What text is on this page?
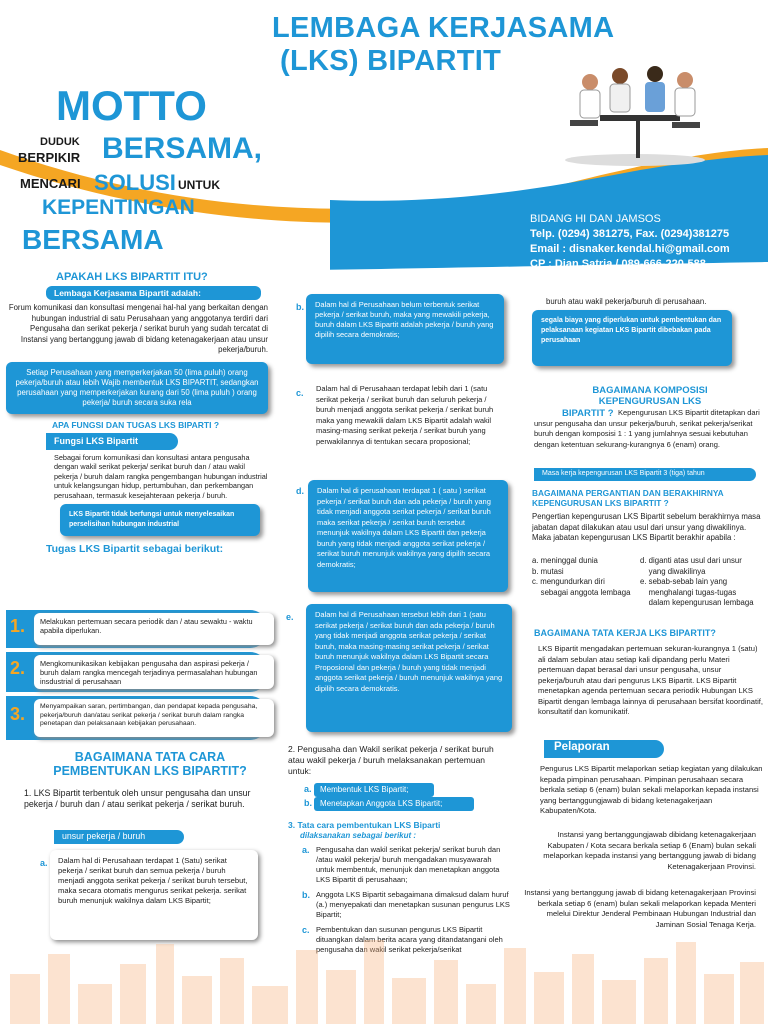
LEMBAGA KERJASAMA
(LKS) BIPARTIT
MOTTO
DUDUK
BERPIKIR BERSAMA,
MENCARI SOLUSI UNTUK
KEPENTINGAN
BERSAMA
BIDANG HI DAN JAMSOS
Telp. (0294) 381275, Fax. (0294)381275
Email : disnaker.kendal.hi@gmail.com
CP : Dian Satria / 089-666-220-588
APAKAH LKS BIPARTIT ITU?
Lembaga Kerjasama Bipartit adalah:
Forum komunikasi dan konsultasi mengenai hal-hal yang berkaitan dengan hubungan industrial di satu Perusahaan yang anggotanya terdiri dari Pengusaha dan serikat pekerja / serikat buruh yang sudah tercatat di Instansi yang bertanggung jawab di bidang ketenagakerjaan atau unsur pekerja/buruh.
Setiap Perusahaan yang memperkerjakan 50 (lima puluh) orang pekerja/buruh atau lebih Wajib membentuk LKS BIPARTIT, sedangkan perusahaan yang memperkerjakan kurang dari 50 (lima puluh ) orang pekerja/ buruh secara suka rela
APA FUNGSI DAN TUGAS LKS BIPARTI ?
Fungsi LKS Bipartit
Sebagai forum komunikasi dan konsultasi antara pengusaha dengan wakil serikat pekerja/ serikat buruh dan / atau wakil pekerja / buruh dalam rangka pengembangan hubungan industrial untuk kelangsungan hidup, pertumbuhan, dan perkembangan perusahaan, termasuk kesejahteraan pekerja / buruh.
LKS Bipartit tidak berfungsi untuk menyelesaikan perselisihan hubungan industrial
Tugas LKS Bipartit sebagai berikut:
1.	Melakukan pertemuan secara periodik dan / atau sewaktu - waktu apabila diperlukan.
2.	Mengkomunikasikan kebijakan pengusaha dan aspirasi pekerja / buruh dalam rangka mencegah terjadinya permasalahan hubungan insdustrial di perusahaan
3.	Menyampaikan saran, pertimbangan, dan pendapat kepada pengusaha, pekerja/buruh dan/atau serikat pekerja / serikat buruh dalam rangka penetapan dan pelaksanaan kebijakan perusahaan.
BAGAIMANA TATA CARA
PEMBENTUKAN LKS BIPARTIT?
1. LKS Bipartit terbentuk oleh unsur pengusaha dan unsur pekerja / buruh dan / atau serikat pekerja / serikat buruh.
unsur pekerja / buruh
a.	Dalam hal di Perusahaan terdapat 1 (Satu) serikat pekerja / serikat buruh dan semua pekerja / buruh menjadi anggota serikat pekerja / serikat buruh tersebut, maka secara otomatis mengurus serikat pekerja. serikat buruh menunjuk wakilnya dalam LKS Bipartit;
b.	Dalam hal di Perusahaan belum terbentuk serikat pekerja / serikat buruh, maka yang mewakili pekerja, buruh dalam LKS Bipartit adalah pekerja / buruh yang dipilih secara demokratis;
c. Dalam hal di Perusahaan terdapat lebih dari 1 (satu serikat pekerja / serikat buruh dan seluruh pekerja / buruh menjadi anggota serikat pekerja / serikat buruh maka yang mewakili dalam LKS Bipartit adalah wakil masing-masing serikat pekerja / serikat buruh yang perwakilannya di tentukan secara proposional;
d.	Dalam hal di perusahaan terdapat 1 ( satu ) serikat pekerja / serikat buruh dan ada pekerja / buruh yang tidak menjadi anggota serikat pekerja / serikat buruh maka serikat pekerja / serikat buruh tersebut menunjuk wakilnya dalam LKS Bipartit dan pekerja buruh yang tidak menjadi anggota serikat pekerja / serikat buruh menunjuk wakilnya yang dipilih secara demokratis;
e.	Dalam hal di Perusahaan tersebut lebih dari 1 (satu serikat pekerja / serikat buruh dan ada pekerja / buruh yang tidak menjadi anggota serikat pekerja / serikat buruh, maka masing-masing serikat pekerja / serikat buruh menunjuk wakilnya dalam LKS Bipartit secara Proposional dan pekerja / buruh yang tidak menjadi anggota serikat pekerja / buruh menunjuk wakilnya yang dipilih secara demokratis.
2. Pengusaha dan Wakil serikat pekerja / serikat buruh atau wakil pekerja / buruh melaksanakan pertemuan untuk:
a.	Membentuk LKS Bipartit;
b.	Menetapkan Anggota LKS Bipartit;
3. Tata cara pembentukan LKS Biparti
dilaksanakan sebagai berikut :
a. Pengusaha dan wakil serikat pekerja/ serikat buruh dan /atau wakil pekerja/ buruh mengadakan musyawarah untuk membentuk, menunjuk dan menetapkan anggota LKS Bipartit di perusahaan;
b. Anggota LKS Bipartit sebagaimana dimaksud dalam huruf (a.) menyepakati dan menetapkan susunan pengurus LKS Bipartit;
c. Pembentukan dan susunan pengurus LKS Bipartit dituangkan dalam berita acara yang ditandatangani oleh pengusaha dan wakil serikat pekerja/serikat
buruh atau wakil pekerja/buruh di perusahaan.
segala biaya yang diperlukan untuk pembentukan dan pelaksanaan kegiatan LKS Bipartit dibebakan pada perusahaan
BAGAIMANA KOMPOSISI
KEPENGURUSAN LKS
BIPARTIT ? Kepengurusan LKS Bipartit ditetapkan dari unsur pengusaha dan unsur pekerja/buruh, serikat pekerja/serikat buruh dengan komposisi 1 : 1 yang jumlahnya sesuai kebutuhan dengan ketentuan sekurang-kurangnya 6 (enam) orang.
Masa kerja kepengurusan LKS Bipartit 3 (tiga) tahun
BAGAIMANA PERGANTIAN DAN BERAKHIRNYA
KEPENGURUSAN LKS BIPARTIT ?
Pengertian kepengurusan LKS Bipartit sebelum berakhirnya masa jabatan dapat dilakukan atau usul dari unsur yang diwakilinya. Maka jabatan kepengurusan LKS Bipartit berakhir apabila :
a. meninggal dunia
b. mutasi
c. mengundurkan diri
sebagai anggota lembaga
d. diganti atas usul dari unsur
yang diwakilinya
e. sebab-sebab lain yang
menghalangi tugas-tugas
dalam kepengurusan lembaga
BAGAIMANA TATA KERJA LKS BIPARTIT?
LKS Bipartit mengadakan pertemuan sekuran-kurangnya 1 (satu) ali dalam sebulan atau setiap kali dipandang perlu Materi pertemuan dapat berasal dari unsur pengusaha, unsur pekerja/buruh atau dari pengurus LKS Bipartit. LKS Bipartit menetapkan agenda pertemuan secara periodik Hubungan LKS Bipartit dengan lembaga lainnya di perusahaan bersifat koordinatif, konsultatif dan komunikatif.
Pelaporan
Pengurus LKS Bipartit melaporkan setiap kegiatan yang dilakukan kepada pimpinan perusahaan. Pimpinan perusahaan secara berkala setiap 6 (enam) bulan sekali melaporkan kepada instansi yang bertanggungjawab di bidang ketenagakerjaan Kabupaten/Kota.
Instansi yang bertanggungjawab dibidang ketenagakerjaan Kabupaten / Kota secara berkala setiap 6 (Enam) bulan sekali melaporkan kepada instansi yang bertanggung jawab di bidang Ketenagakerjaan Provinsi.
Instansi yang bertanggung jawab di bidang ketenagakerjaan Provinsi berkala setiap 6 (enam) bulan sekali melaporkan kepada Menteri melelui Direktur Jenderal Pembinaan Hubungan Industrial dan Jaminan Sosial Tenaga Kerja.
